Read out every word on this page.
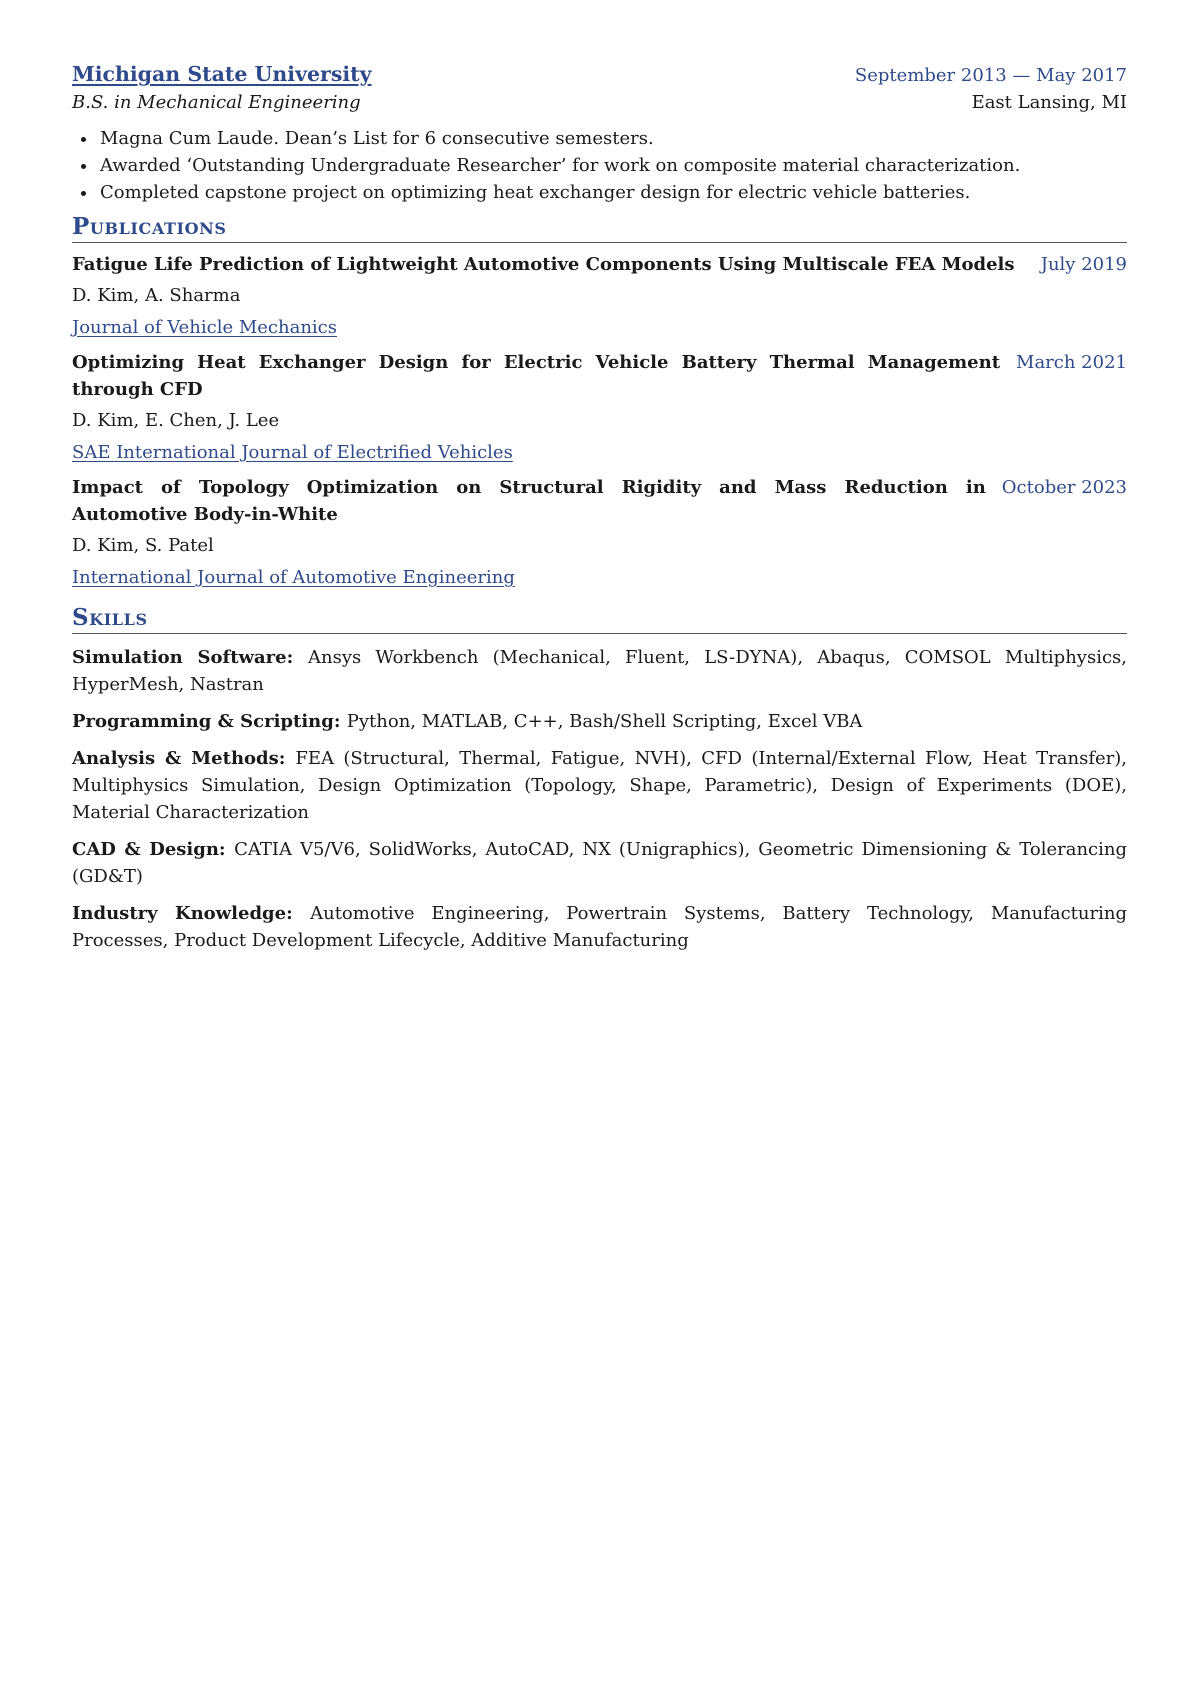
Michigan State University	September 2013 — May 2017
B.S. in Mechanical Engineering	East Lansing, MI
• Magna Cum Laude. Dean’s List for 6 consecutive semesters.
• Awarded ‘Outstanding Undergraduate Researcher’ for work on composite material characterization.
• Completed capstone project on optimizing heat exchanger design for electric vehicle batteries.
Publications
Fatigue Life Prediction of Lightweight Automotive Components Using Multiscale FEA Models	July 2019
D. Kim, A. Sharma
Journal of Vehicle Mechanics
Optimizing Heat Exchanger Design for Electric Vehicle Battery Thermal Management through CFD
March 2021
D. Kim, E. Chen, J. Lee
SAE International Journal of Electrified Vehicles
Impact of Topology Optimization on Structural Rigidity and Mass Reduction in Automotive Body-in-White
October 2023
D. Kim, S. Patel
International Journal of Automotive Engineering
Skills
Simulation Software: Ansys Workbench (Mechanical, Fluent, LS-DYNA), Abaqus, COMSOL Multiphysics, HyperMesh, Nastran
Programming & Scripting: Python, MATLAB, C++, Bash/Shell Scripting, Excel VBA
Analysis & Methods: FEA (Structural, Thermal, Fatigue, NVH), CFD (Internal/External Flow, Heat Transfer), Multiphysics Simulation, Design Optimization (Topology, Shape, Parametric), Design of Experiments (DOE), Material Characterization
CAD & Design: CATIA V5/V6, SolidWorks, AutoCAD, NX (Unigraphics), Geometric Dimensioning & Tolerancing (GD&T)
Industry Knowledge: Automotive Engineering, Powertrain Systems, Battery Technology, Manufacturing Processes, Product Development Lifecycle, Additive Manufacturing
